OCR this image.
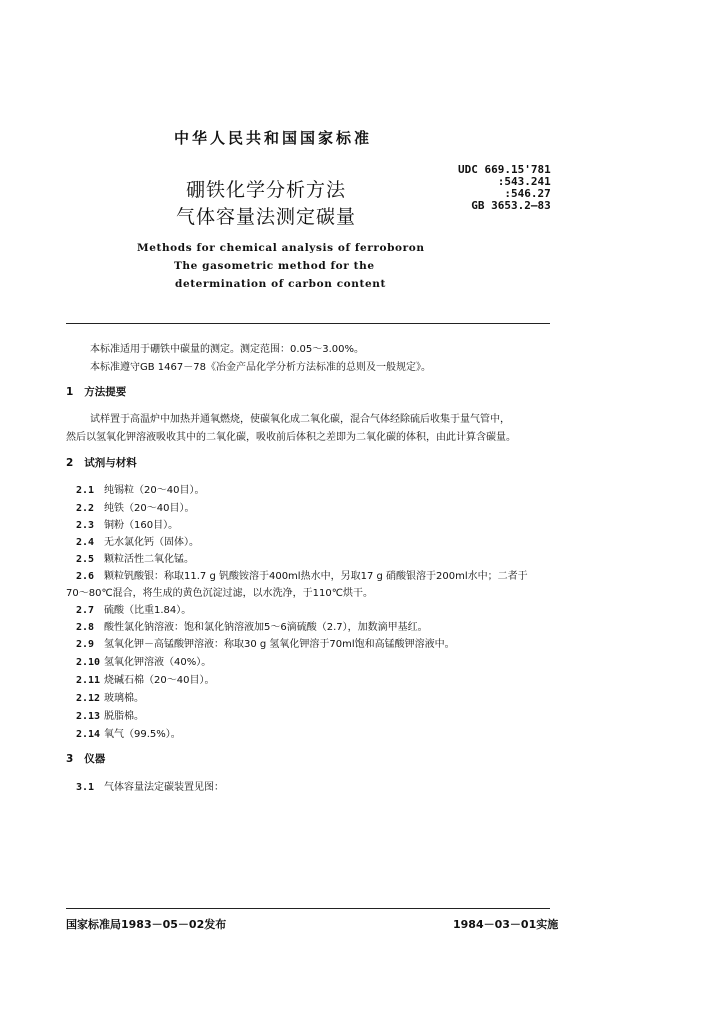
中华人民共和国国家标准
硼铁化学分析方法
气体容量法测定碳量
UDC 669.15'781
:543.241
:546.27
GB 3653.2—83
Methods for chemical analysis of ferroboron
The gasometric method for the
determination of carbon content
本标准适用于硼铁中碳量的测定。测定范围：0.05～3.00%。
本标准遵守GB 1467－78《冶金产品化学分析方法标准的总则及一般规定》。
1 方法提要
试样置于高温炉中加热并通氧燃烧，使碳氧化成二氧化碳，混合气体经除硫后收集于量气管中，
然后以氢氧化钾溶液吸收其中的二氧化碳，吸收前后体积之差即为二氧化碳的体积，由此计算含碳量。
2 试剂与材料
2.1 纯锡粒（20～40目）。
2.2 纯铁（20～40目）。
2.3 铜粉（160目）。
2.4 无水氯化钙（固体）。
2.5 颗粒活性二氧化锰。
2.6 颗粒钒酸银：称取11.7 g 钒酸铵溶于400ml热水中，另取17 g 硝酸银溶于200ml水中；二者于
70～80℃混合，将生成的黄色沉淀过滤，以水洗净，于110℃烘干。
2.7 硫酸（比重1.84）。
2.8 酸性氯化钠溶液：饱和氯化钠溶液加5～6滴硫酸（2.7），加数滴甲基红。
2.9 氢氧化钾－高锰酸钾溶液：称取30 g 氢氧化钾溶于70ml饱和高锰酸钾溶液中。
2.10 氢氧化钾溶液（40%）。
2.11 烧碱石棉（20～40目）。
2.12 玻璃棉。
2.13 脱脂棉。
2.14 氧气（99.5%）。
3 仪器
3.1 气体容量法定碳装置见图：
国家标准局1983－05－02发布	1984－03－01实施
